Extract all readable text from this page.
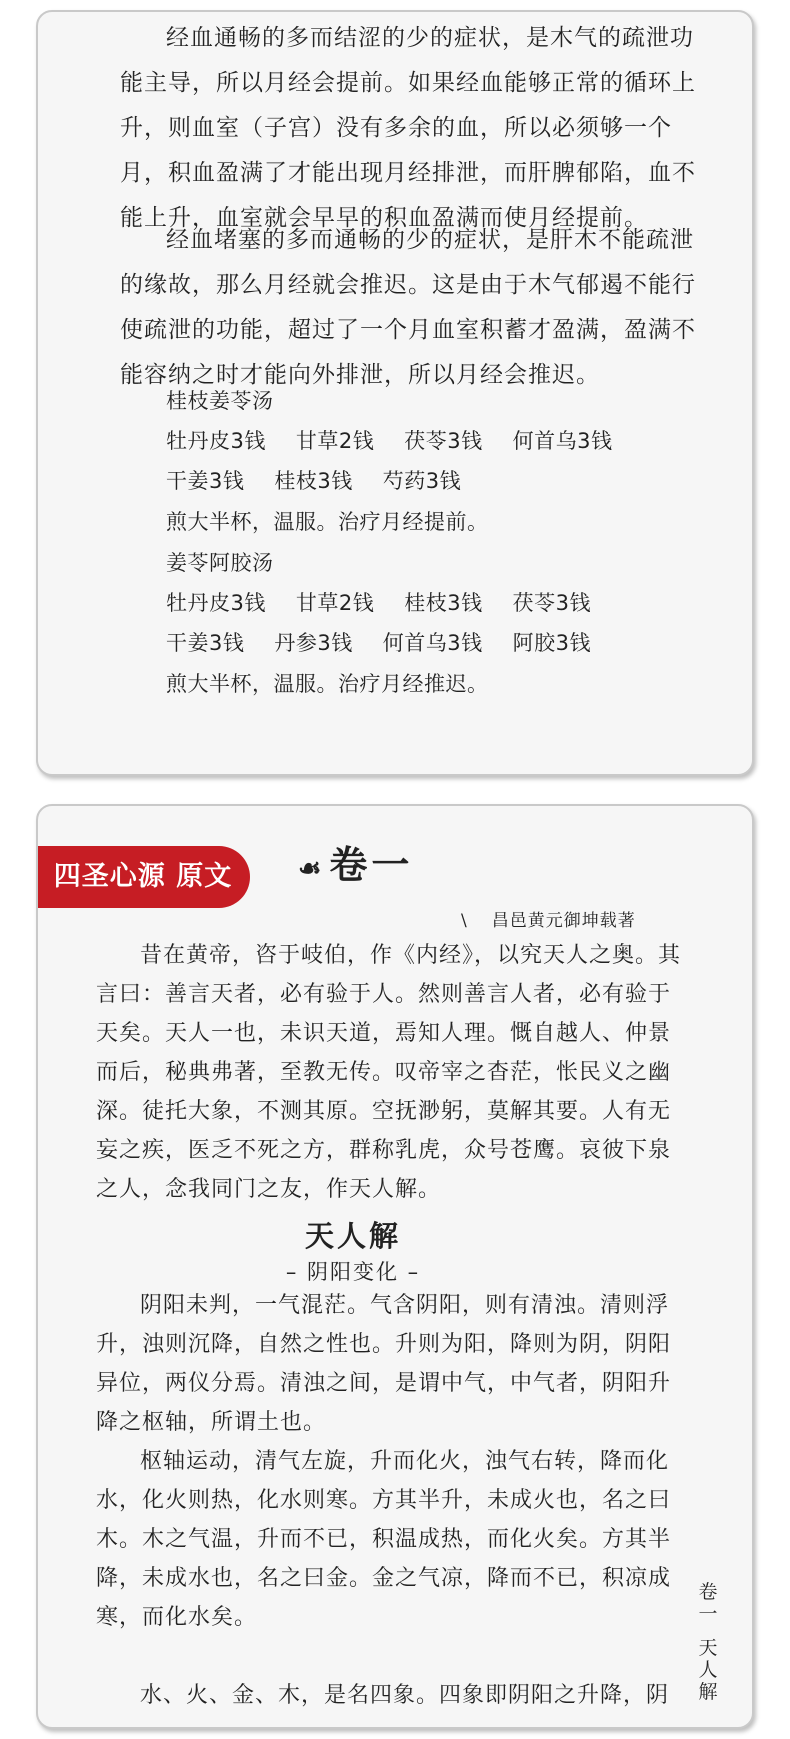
经血通畅的多而结涩的少的症状，是木气的疏泄功能主导，所以月经会提前。如果经血能够正常的循环上升，则血室（子宫）没有多余的血，所以必须够一个月，积血盈满了才能出现月经排泄，而肝脾郁陷，血不能上升，血室就会早早的积血盈满而使月经提前。

经血堵塞的多而通畅的少的症状，是肝木不能疏泄的缘故，那么月经就会推迟。这是由于木气郁遏不能行使疏泄的功能，超过了一个月血室积蓄才盈满，盈满不能容纳之时才能向外排泄，所以月经会推迟。

桂枝姜苓汤
牡丹皮3钱 甘草2钱 茯苓3钱 何首乌3钱
干姜3钱 桂枝3钱 芍药3钱
煎大半杯，温服。治疗月经提前。
姜苓阿胶汤
牡丹皮3钱 甘草2钱 桂枝3钱 茯苓3钱
干姜3钱 丹参3钱 何首乌3钱 阿胶3钱
煎大半杯，温服。治疗月经推迟。
四圣心源 原文	☙ 卷一
\ 昌邑黄元御坤载著

昔在黄帝，咨于岐伯，作《内经》，以究天人之奥。其言曰：善言天者，必有验于人。然则善言人者，必有验于天矣。天人一也，未识天道，焉知人理。慨自越人、仲景而后，秘典弗著，至教无传。叹帝宰之杳茫，怅民义之幽深。徒托大象，不测其原。空抚渺躬，莫解其要。人有无妄之疾，医乏不死之方，群称乳虎，众号苍鹰。哀彼下泉之人，念我同门之友，作天人解。

天人解
– 阴阳变化 –

阴阳未判，一气混茫。气含阴阳，则有清浊。清则浮升，浊则沉降，自然之性也。升则为阳，降则为阴，阴阳异位，两仪分焉。清浊之间，是谓中气，中气者，阴阳升降之枢轴，所谓土也。

枢轴运动，清气左旋，升而化火，浊气右转，降而化水，化火则热，化水则寒。方其半升，未成火也，名之曰木。木之气温，升而不已，积温成热，而化火矣。方其半降，未成水也，名之曰金。金之气凉，降而不已，积凉成寒，而化水矣。

水、火、金、木，是名四象。四象即阴阳之升降，阴

卷一
天人解
